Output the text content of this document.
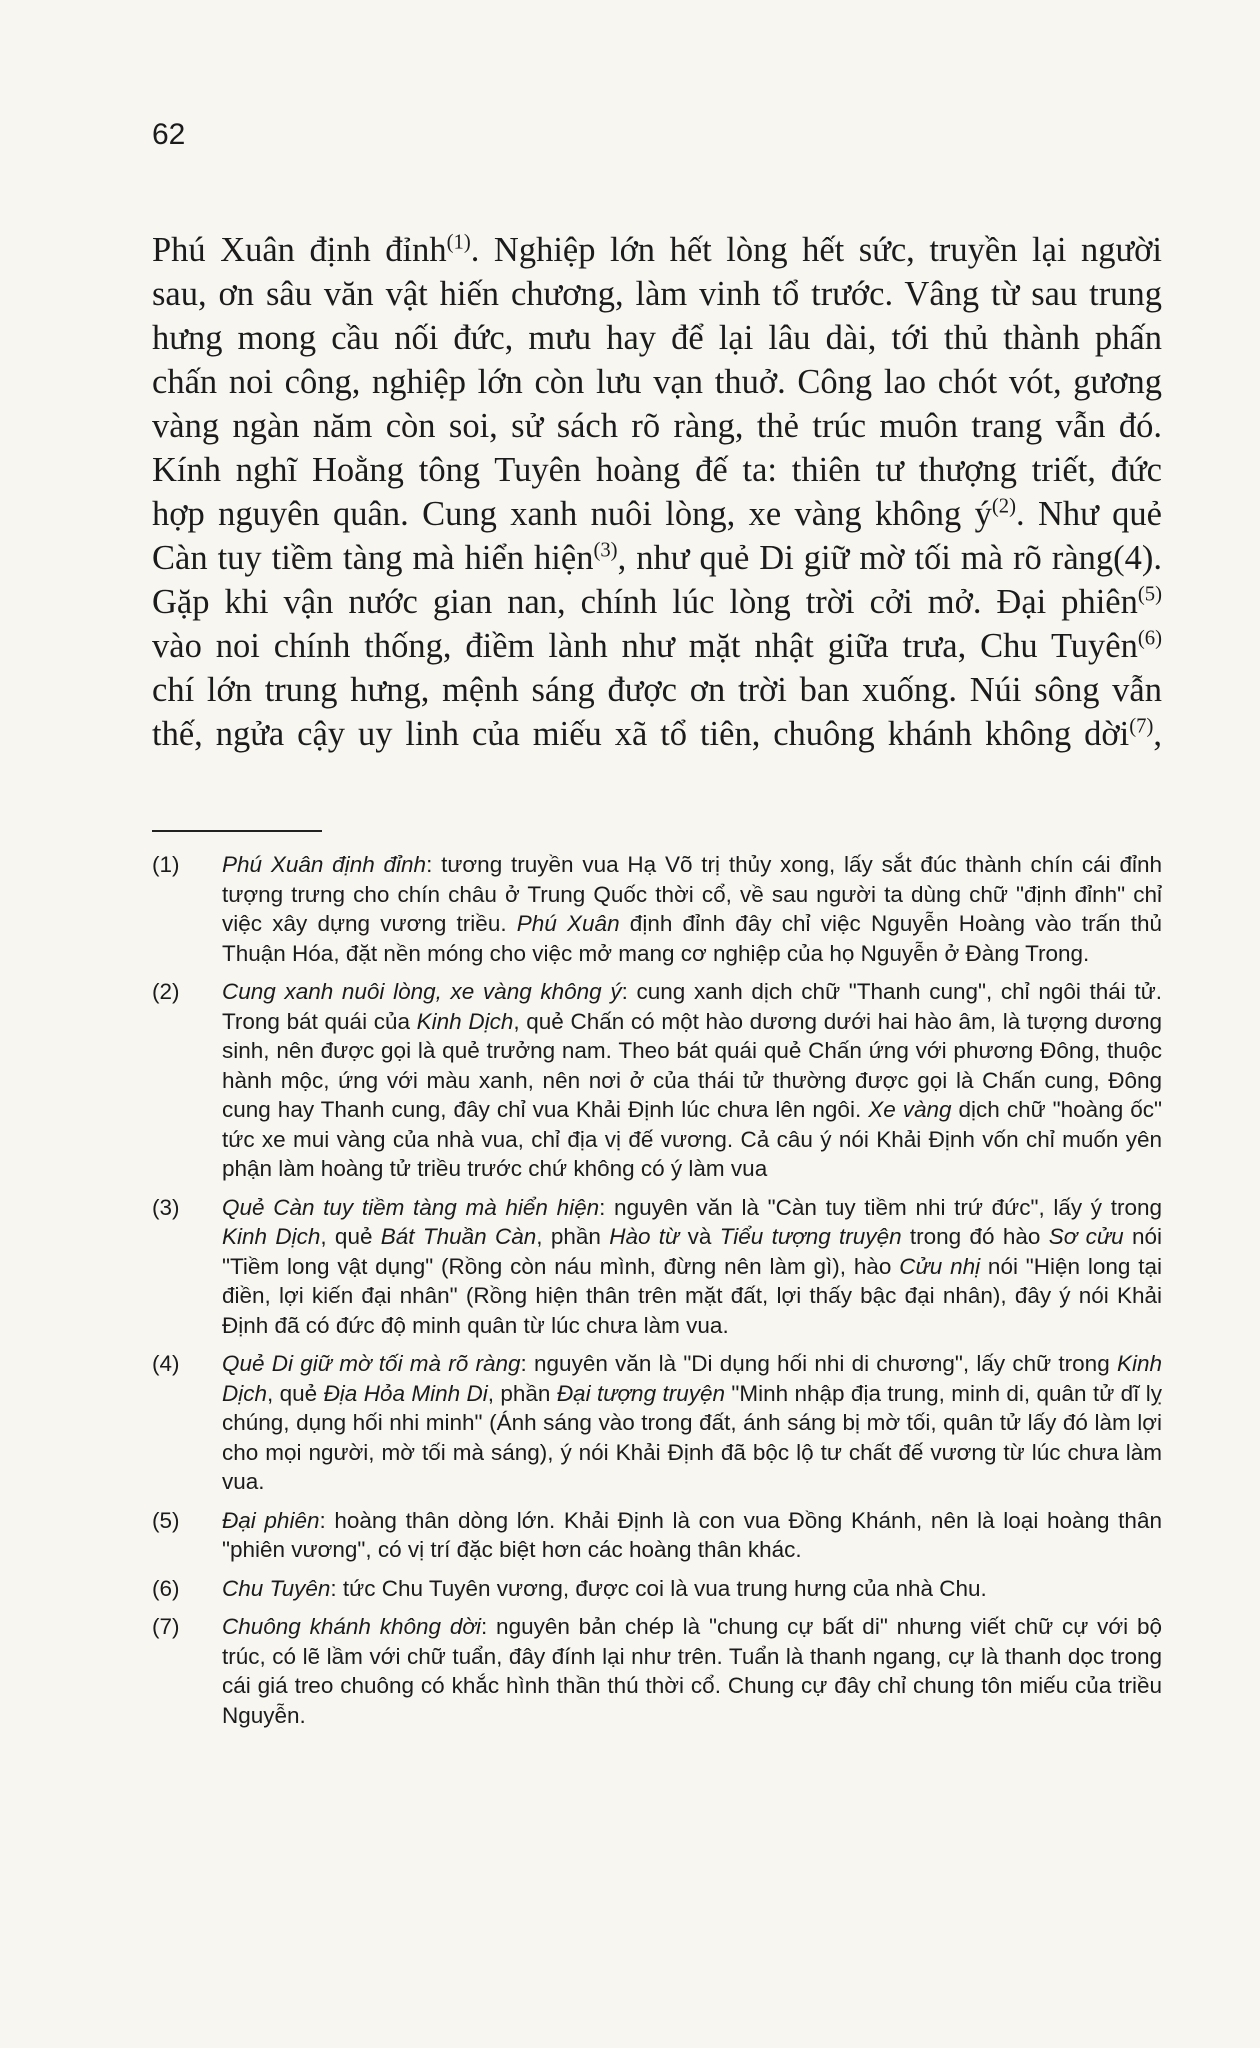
62
Phú Xuân định đỉnh$^{(1)}$. Nghiệp lớn hết lòng hết sức, truyền lại người
sau, ơn sâu văn vật hiến chương, làm vinh tổ trước. Vâng từ sau trung
hưng mong cầu nối đức, mưu hay để lại lâu dài, tới thủ thành phấn
chấn noi công, nghiệp lớn còn lưu vạn thuở. Công lao chót vót, gương
vàng ngàn năm còn soi, sử sách rõ ràng, thẻ trúc muôn trang vẫn đó.
Kính nghĩ Hoằng tông Tuyên hoàng đế ta: thiên tư thượng triết, đức
hợp nguyên quân. Cung xanh nuôi lòng, xe vàng không $ý^{(2)}$. Như quẻ
Càn tuy tiềm tàng mà hiển hiện$^{(3)}$, như quẻ Di giữ mờ tối mà rõ ràng(4).
Gặp khi vận nước gian nan, chính lúc lòng trời cởi mở. Đại phiên$^{(5)}$
vào noi chính thống, điềm lành như mặt nhật giữa trưa, Chu Tuyên$^{(6)}$
chí lớn trung hưng, mệnh sáng được ơn trời ban xuống. Núi sông vẫn
thế, ngửa cậy uy linh của miếu xã tổ tiên, chuông khánh không dời$^{(7)}$,
(1) Phú Xuân định đỉnh: tương truyền vua Hạ Võ trị thủy xong, lấy sắt đúc thành chín cái đỉnh tượng trưng cho chín châu ở Trung Quốc thời cổ, về sau người ta dùng chữ "định đỉnh" chỉ việc xây dựng vương triều. Phú Xuân định đỉnh đây chỉ việc Nguyễn Hoàng vào trấn thủ Thuận Hóa, đặt nền móng cho việc mở mang cơ nghiệp của họ Nguyễn ở Đàng Trong.
(2) Cung xanh nuôi lòng, xe vàng không ý: cung xanh dịch chữ "Thanh cung", chỉ ngôi thái tử. Trong bát quái của Kinh Dịch, quẻ Chấn có một hào dương dưới hai hào âm, là tượng dương sinh, nên được gọi là quẻ trưởng nam. Theo bát quái quẻ Chấn ứng với phương Đông, thuộc hành mộc, ứng với màu xanh, nên nơi ở của thái tử thường được gọi là Chấn cung, Đông cung hay Thanh cung, đây chỉ vua Khải Định lúc chưa lên ngôi. Xe vàng dịch chữ "hoàng ốc" tức xe mui vàng của nhà vua, chỉ địa vị đế vương. Cả câu ý nói Khải Định vốn chỉ muốn yên phận làm hoàng tử triều trước chứ không có ý làm vua
(3) Quẻ Càn tuy tiềm tàng mà hiển hiện: nguyên văn là "Càn tuy tiềm nhi trứ đức", lấy ý trong Kinh Dịch, quẻ Bát Thuần Càn, phần Hào từ và Tiểu tượng truyện trong đó hào Sơ cửu nói "Tiềm long vật dụng" (Rồng còn náu mình, đừng nên làm gì), hào Cửu nhị nói "Hiện long tại điền, lợi kiến đại nhân" (Rồng hiện thân trên mặt đất, lợi thấy bậc đại nhân), đây ý nói Khải Định đã có đức độ minh quân từ lúc chưa làm vua.
(4) Quẻ Di giữ mờ tối mà rõ ràng: nguyên văn là "Di dụng hối nhi di chương", lấy chữ trong Kinh Dịch, quẻ Địa Hỏa Minh Di, phần Đại tượng truyện "Minh nhập địa trung, minh di, quân tử dĩ lỵ chúng, dụng hối nhi minh" (Ánh sáng vào trong đất, ánh sáng bị mờ tối, quân tử lấy đó làm lợi cho mọi người, mờ tối mà sáng), ý nói Khải Định đã bộc lộ tư chất đế vương từ lúc chưa làm vua.
(5) Đại phiên: hoàng thân dòng lớn. Khải Định là con vua Đồng Khánh, nên là loại hoàng thân "phiên vương", có vị trí đặc biệt hơn các hoàng thân khác.
(6) Chu Tuyên: tức Chu Tuyên vương, được coi là vua trung hưng của nhà Chu.
(7) Chuông khánh không dời: nguyên bản chép là "chung cự bất di" nhưng viết chữ cự với bộ trúc, có lẽ lầm với chữ tuẩn, đây đính lại như trên. Tuẩn là thanh ngang, cự là thanh dọc trong cái giá treo chuông có khắc hình thần thú thời cổ. Chung cự đây chỉ chung tôn miếu của triều Nguyễn.
